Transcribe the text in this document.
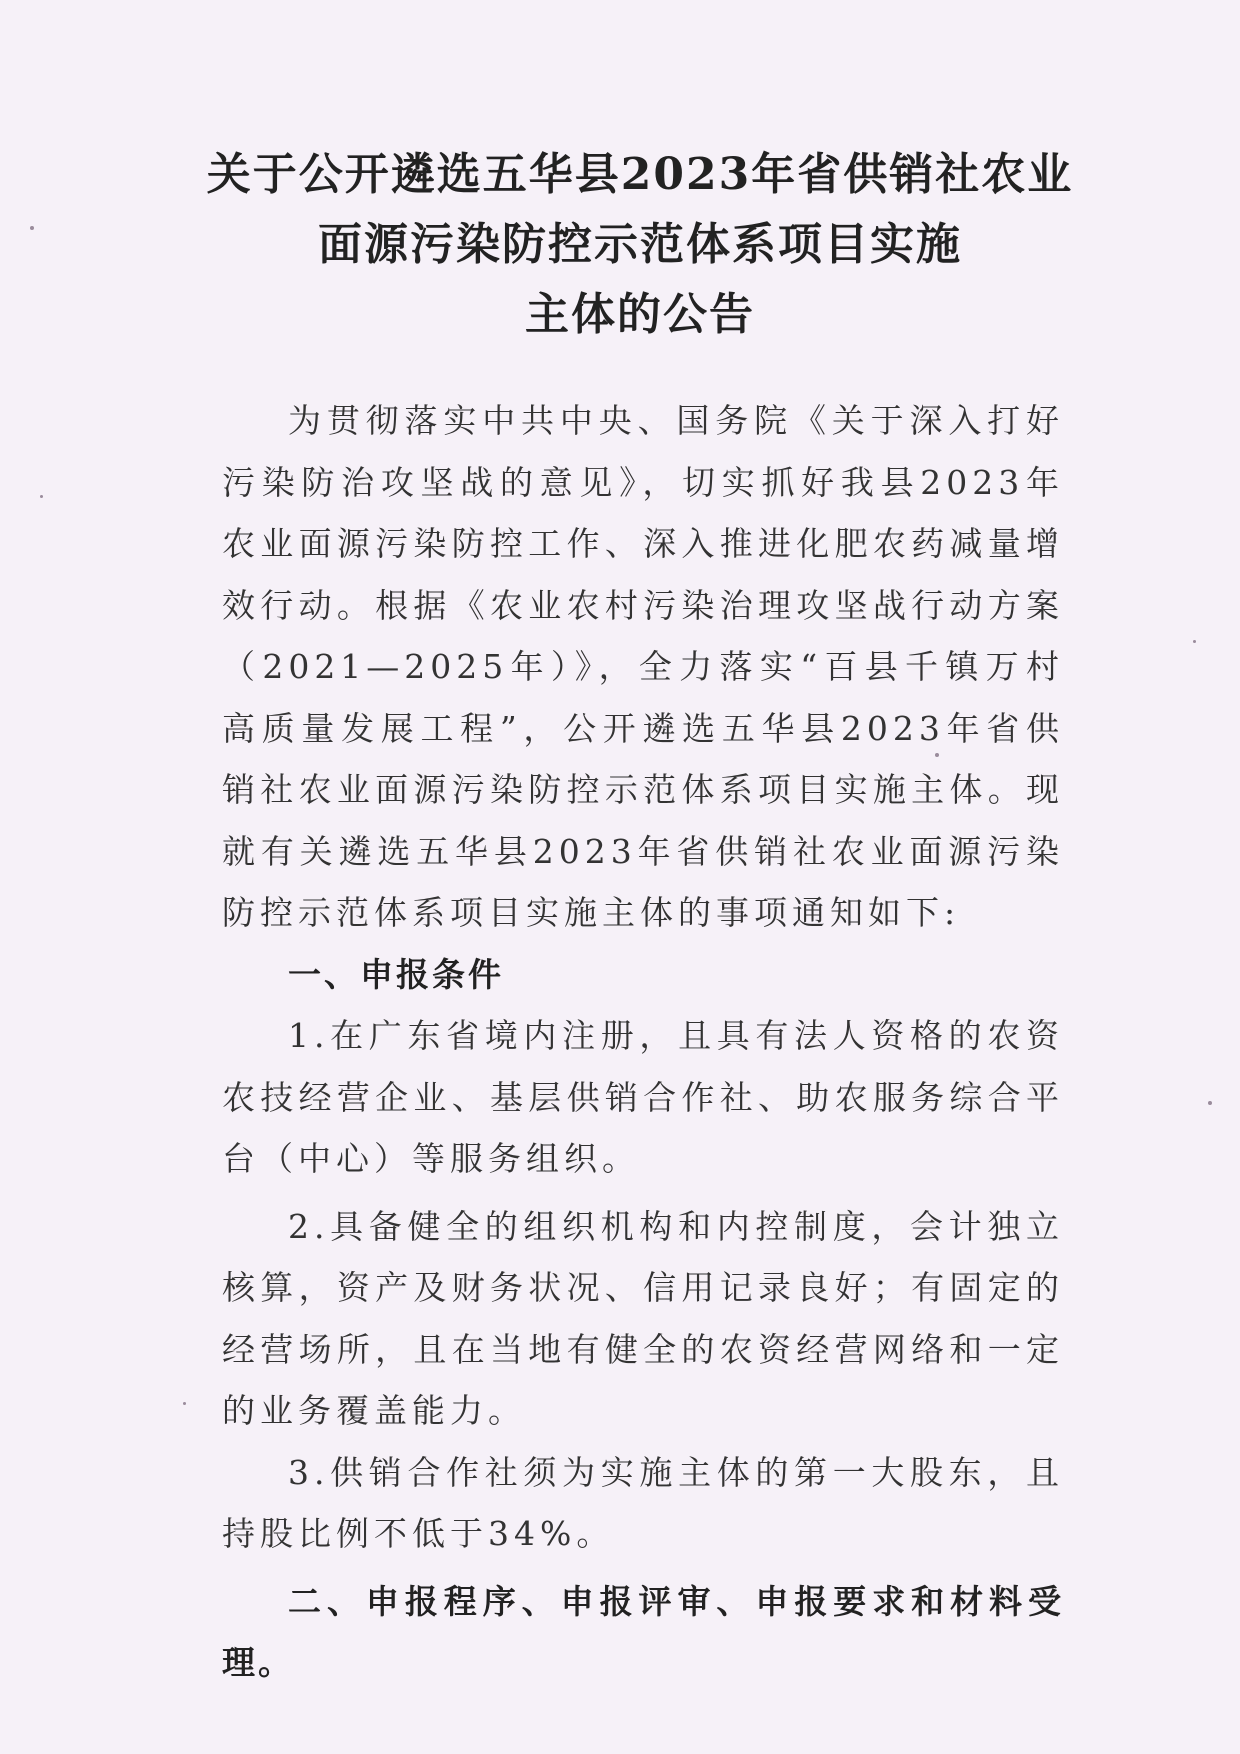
关于公开遴选五华县2023年省供销社农业
面源污染防控示范体系项目实施
主体的公告

为贯彻落实中共中央、国务院《关于深入打好污染防治攻坚战的意见》，切实抓好我县2023年农业面源污染防控工作、深入推进化肥农药减量增效行动。根据《农业农村污染治理攻坚战行动方案（2021—2025年）》，全力落实“百县千镇万村高质量发展工程”，公开遴选五华县2023年省供销社农业面源污染防控示范体系项目实施主体。现就有关遴选五华县2023年省供销社农业面源污染防控示范体系项目实施主体的事项通知如下:

一、申报条件

1.在广东省境内注册，且具有法人资格的农资农技经营企业、基层供销合作社、助农服务综合平台（中心）等服务组织。

2.具备健全的组织机构和内控制度，会计独立核算，资产及财务状况、信用记录良好；有固定的经营场所，且在当地有健全的农资经营网络和一定的业务覆盖能力。

3.供销合作社须为实施主体的第一大股东，且持股比例不低于34%。

二、申报程序、申报评审、申报要求和材料受理。
